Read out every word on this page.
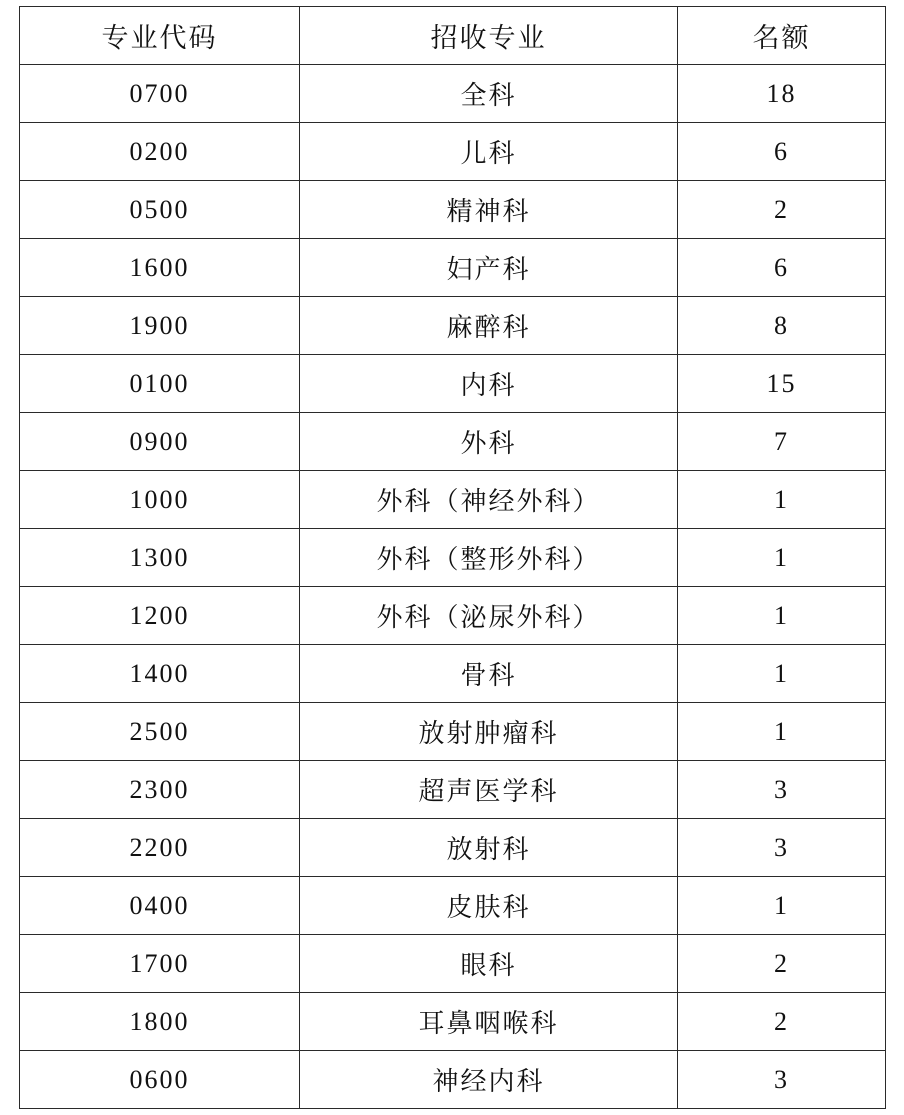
专业代码	招收专业	名额
0700	全科	18
0200	儿科	6
0500	精神科	2
1600	妇产科	6
1900	麻醉科	8
0100	内科	15
0900	外科	7
1000	外科（神经外科）	1
1300	外科（整形外科）	1
1200	外科（泌尿外科）	1
1400	骨科	1
2500	放射肿瘤科	1
2300	超声医学科	3
2200	放射科	3
0400	皮肤科	1
1700	眼科	2
1800	耳鼻咽喉科	2
0600	神经内科	3
